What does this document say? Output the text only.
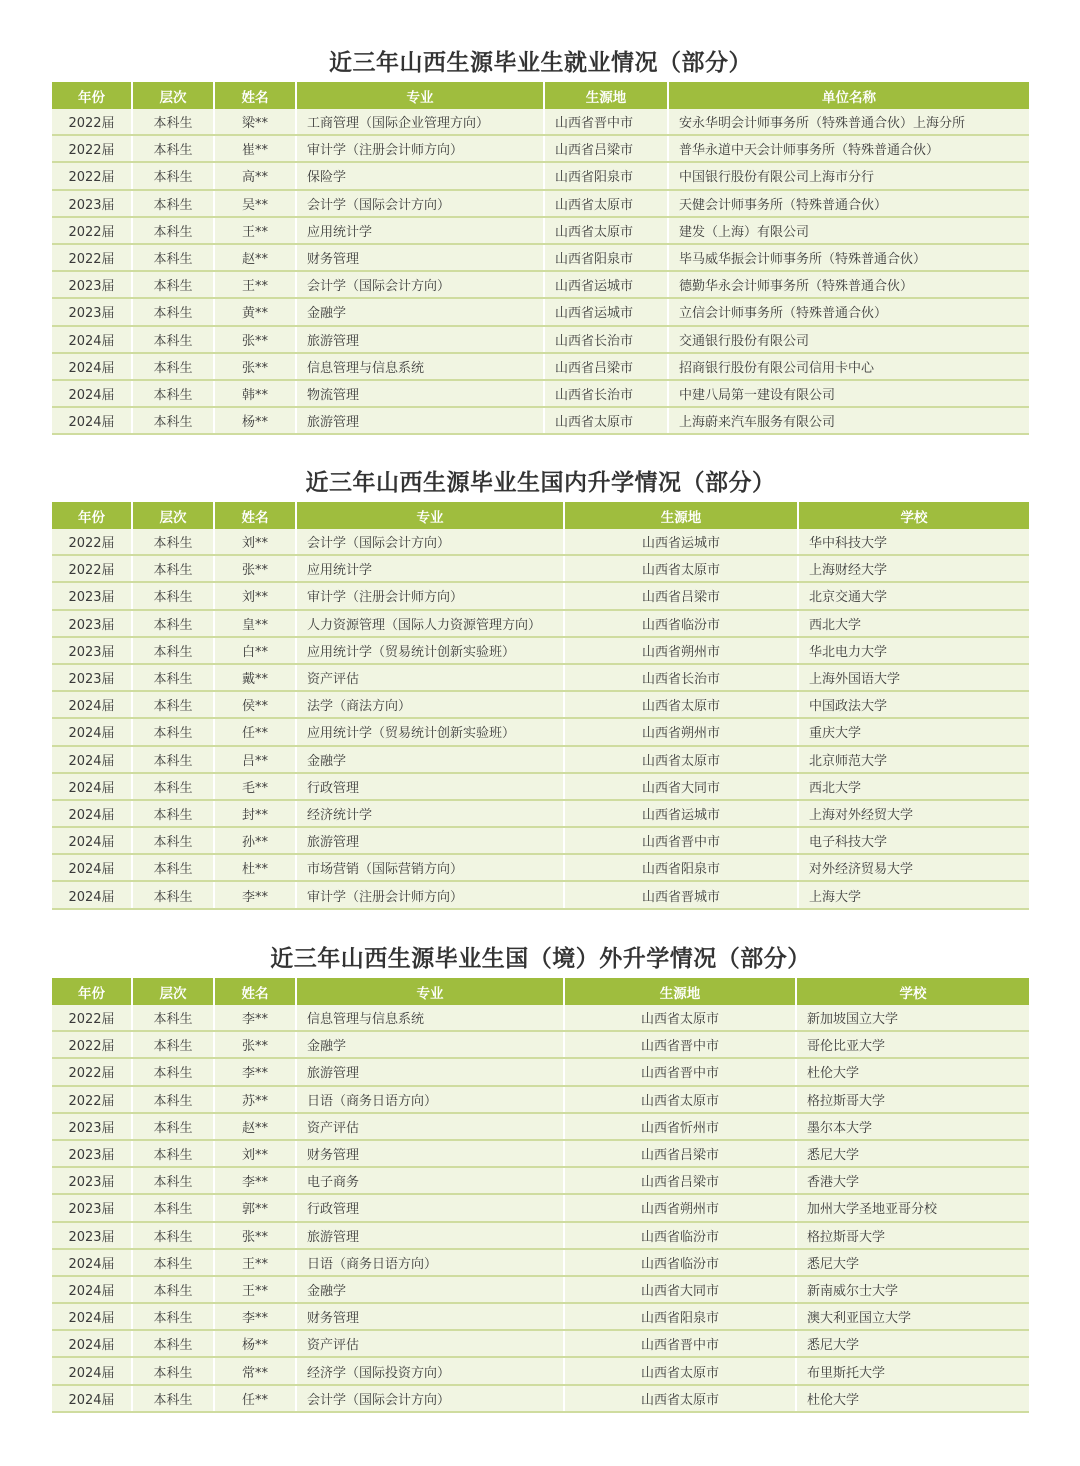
近三年山西生源毕业生就业情况（部分）
年份	层次	姓名	专业	生源地	单位名称
2022届	本科生	梁**	工商管理（国际企业管理方向）	山西省晋中市	安永华明会计师事务所（特殊普通合伙）上海分所
2022届	本科生	崔**	审计学（注册会计师方向）	山西省吕梁市	普华永道中天会计师事务所（特殊普通合伙）
2022届	本科生	高**	保险学	山西省阳泉市	中国银行股份有限公司上海市分行
2023届	本科生	吴**	会计学（国际会计方向）	山西省太原市	天健会计师事务所（特殊普通合伙）
2022届	本科生	王**	应用统计学	山西省太原市	建发（上海）有限公司
2022届	本科生	赵**	财务管理	山西省阳泉市	毕马威华振会计师事务所（特殊普通合伙）
2023届	本科生	王**	会计学（国际会计方向）	山西省运城市	德勤华永会计师事务所（特殊普通合伙）
2023届	本科生	黄**	金融学	山西省运城市	立信会计师事务所（特殊普通合伙）
2024届	本科生	张**	旅游管理	山西省长治市	交通银行股份有限公司
2024届	本科生	张**	信息管理与信息系统	山西省吕梁市	招商银行股份有限公司信用卡中心
2024届	本科生	韩**	物流管理	山西省长治市	中建八局第一建设有限公司
2024届	本科生	杨**	旅游管理	山西省太原市	上海蔚来汽车服务有限公司
近三年山西生源毕业生国内升学情况（部分）
年份	层次	姓名	专业	生源地	学校
2022届	本科生	刘**	会计学（国际会计方向）	山西省运城市	华中科技大学
2022届	本科生	张**	应用统计学	山西省太原市	上海财经大学
2023届	本科生	刘**	审计学（注册会计师方向）	山西省吕梁市	北京交通大学
2023届	本科生	皇**	人力资源管理（国际人力资源管理方向）	山西省临汾市	西北大学
2023届	本科生	白**	应用统计学（贸易统计创新实验班）	山西省朔州市	华北电力大学
2023届	本科生	戴**	资产评估	山西省长治市	上海外国语大学
2024届	本科生	侯**	法学（商法方向）	山西省太原市	中国政法大学
2024届	本科生	任**	应用统计学（贸易统计创新实验班）	山西省朔州市	重庆大学
2024届	本科生	吕**	金融学	山西省太原市	北京师范大学
2024届	本科生	毛**	行政管理	山西省大同市	西北大学
2024届	本科生	封**	经济统计学	山西省运城市	上海对外经贸大学
2024届	本科生	孙**	旅游管理	山西省晋中市	电子科技大学
2024届	本科生	杜**	市场营销（国际营销方向）	山西省阳泉市	对外经济贸易大学
2024届	本科生	李**	审计学（注册会计师方向）	山西省晋城市	上海大学
近三年山西生源毕业生国（境）外升学情况（部分）
年份	层次	姓名	专业	生源地	学校
2022届	本科生	李**	信息管理与信息系统	山西省太原市	新加坡国立大学
2022届	本科生	张**	金融学	山西省晋中市	哥伦比亚大学
2022届	本科生	李**	旅游管理	山西省晋中市	杜伦大学
2022届	本科生	苏**	日语（商务日语方向）	山西省太原市	格拉斯哥大学
2023届	本科生	赵**	资产评估	山西省忻州市	墨尔本大学
2023届	本科生	刘**	财务管理	山西省吕梁市	悉尼大学
2023届	本科生	李**	电子商务	山西省吕梁市	香港大学
2023届	本科生	郭**	行政管理	山西省朔州市	加州大学圣地亚哥分校
2023届	本科生	张**	旅游管理	山西省临汾市	格拉斯哥大学
2024届	本科生	王**	日语（商务日语方向）	山西省临汾市	悉尼大学
2024届	本科生	王**	金融学	山西省大同市	新南威尔士大学
2024届	本科生	李**	财务管理	山西省阳泉市	澳大利亚国立大学
2024届	本科生	杨**	资产评估	山西省晋中市	悉尼大学
2024届	本科生	常**	经济学（国际投资方向）	山西省太原市	布里斯托大学
2024届	本科生	任**	会计学（国际会计方向）	山西省太原市	杜伦大学
